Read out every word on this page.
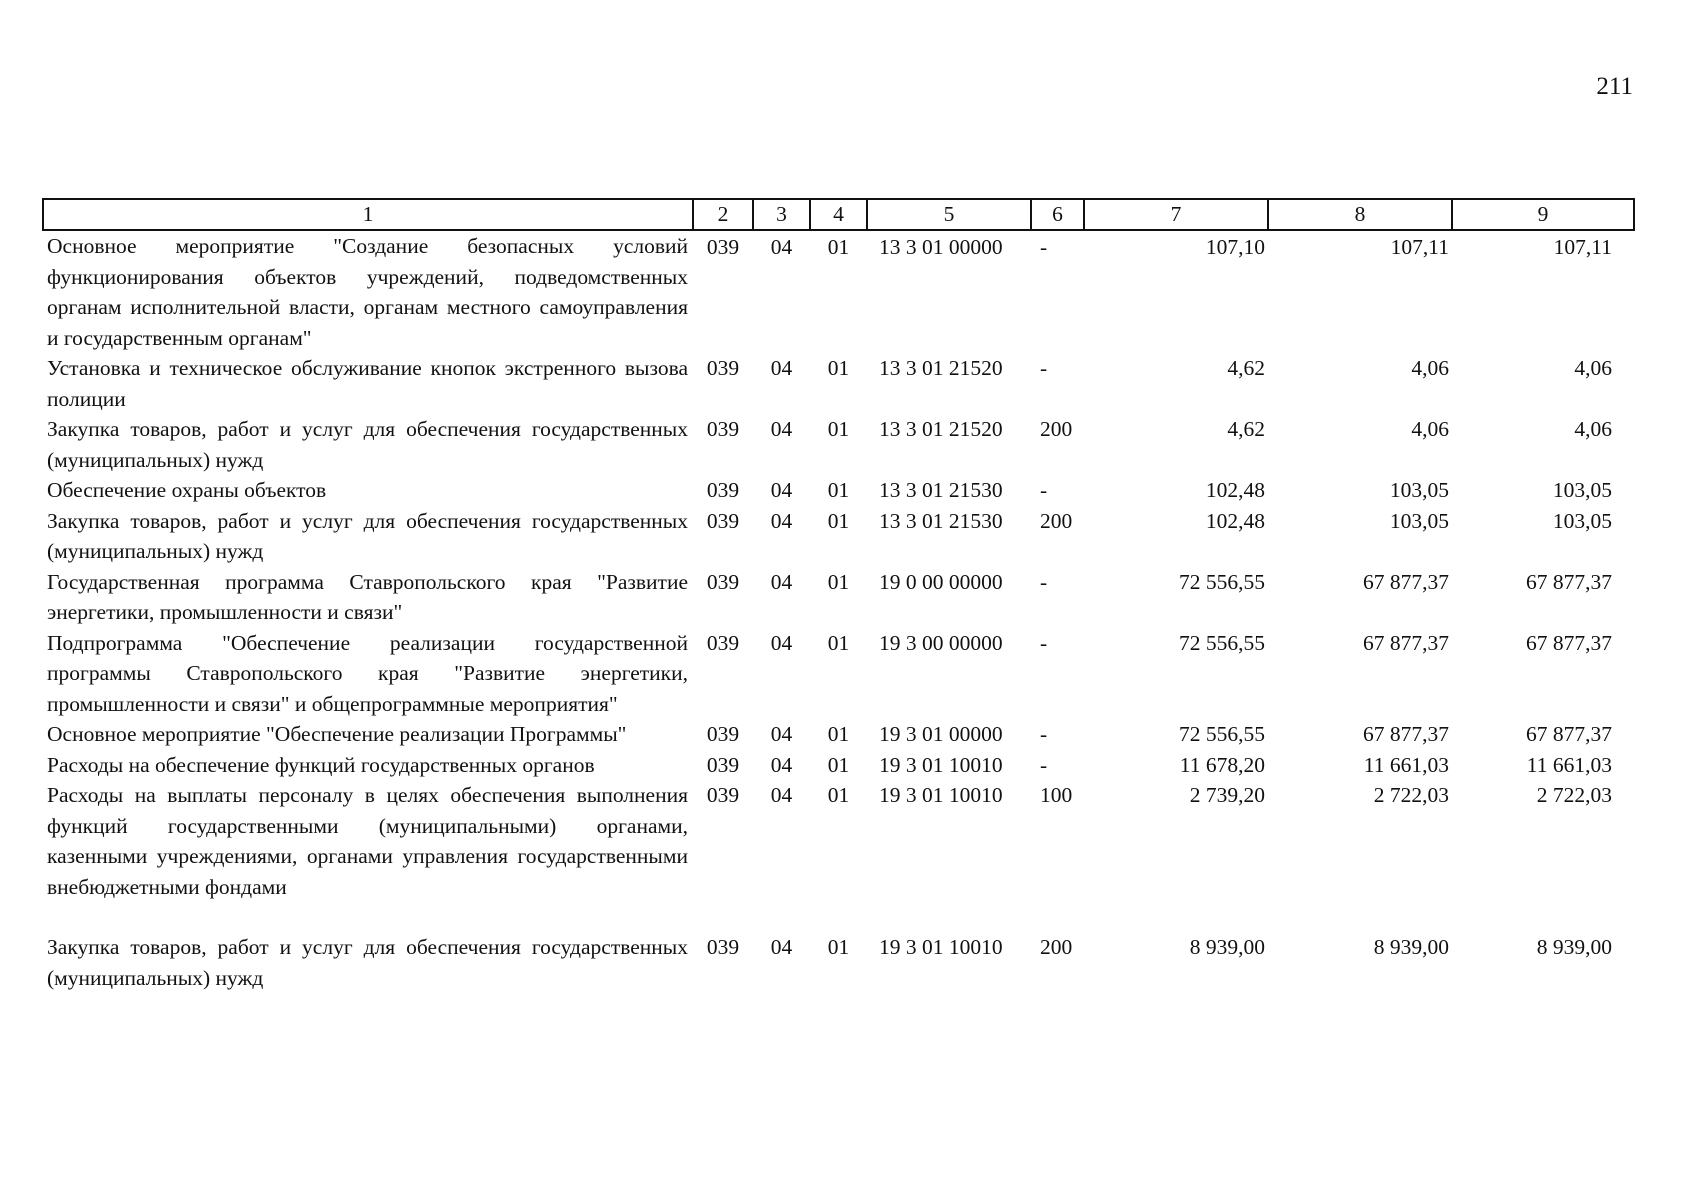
211
1	2	3	4	5	6	7	8	9
Основное мероприятие "Создание безопасных условий функционирования объектов учреждений, подведомственных органам исполнительной власти, органам местного самоуправления и государственным органам"	039	04	01	13 3 01 00000	-	107,10	107,11	107,11
Установка и техническое обслуживание кнопок экстренного вызова полиции	039	04	01	13 3 01 21520	-	4,62	4,06	4,06
Закупка товаров, работ и услуг для обеспечения государственных (муниципальных) нужд	039	04	01	13 3 01 21520	200	4,62	4,06	4,06
Обеспечение охраны объектов	039	04	01	13 3 01 21530	-	102,48	103,05	103,05
Закупка товаров, работ и услуг для обеспечения государственных (муниципальных) нужд	039	04	01	13 3 01 21530	200	102,48	103,05	103,05
Государственная программа Ставропольского края "Развитие энергетики, промышленности и связи"	039	04	01	19 0 00 00000	-	72 556,55	67 877,37	67 877,37
Подпрограмма "Обеспечение реализации государственной программы Ставропольского края "Развитие энергетики, промышленности и связи" и общепрограммные мероприятия"	039	04	01	19 3 00 00000	-	72 556,55	67 877,37	67 877,37
Основное мероприятие "Обеспечение реализации Программы"	039	04	01	19 3 01 00000	-	72 556,55	67 877,37	67 877,37
Расходы на обеспечение функций государственных органов	039	04	01	19 3 01 10010	-	11 678,20	11 661,03	11 661,03
Расходы на выплаты персоналу в целях обеспечения выполнения функций государственными (муниципальными) органами, казенными учреждениями, органами управления государственными внебюджетными фондами	039	04	01	19 3 01 10010	100	2 739,20	2 722,03	2 722,03
Закупка товаров, работ и услуг для обеспечения государственных (муниципальных) нужд	039	04	01	19 3 01 10010	200	8 939,00	8 939,00	8 939,00
